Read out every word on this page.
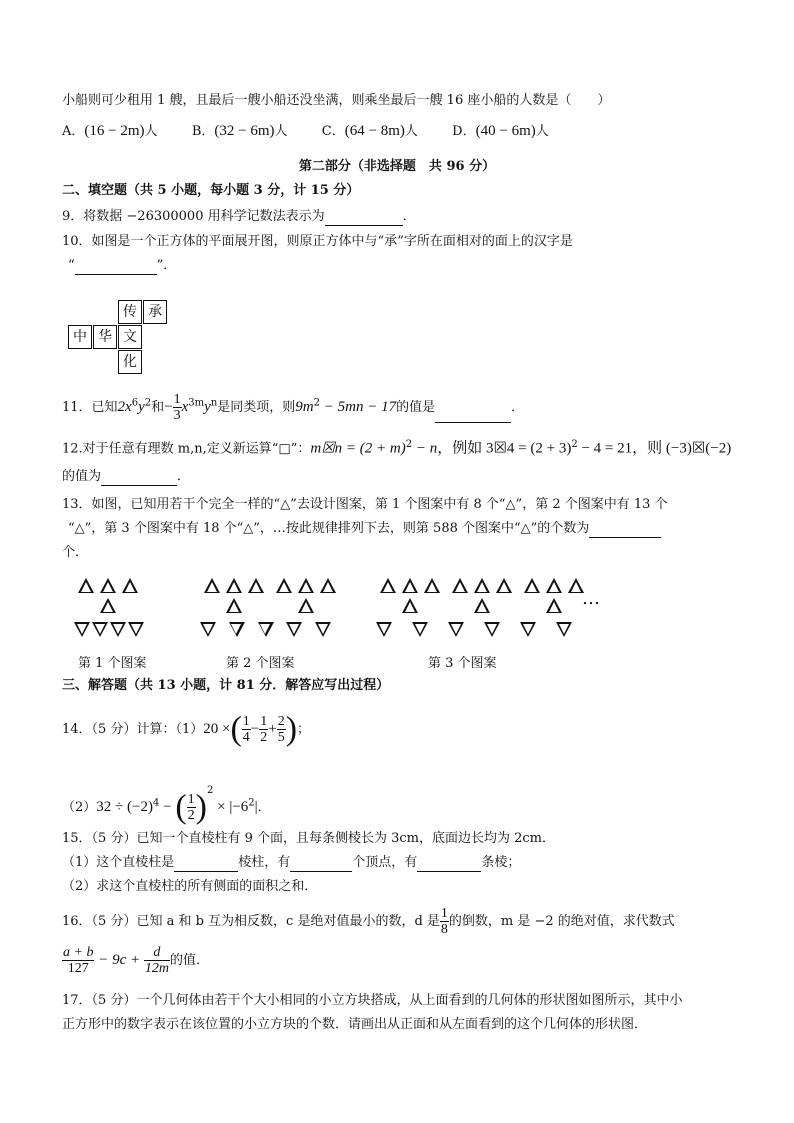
小船则可少租用 1 艘，且最后一艘小船还没坐满，则乘坐最后一艘 16 座小船的人数是（　　）
A．(16 − 2m)人	B．(32 − 6m)人	C．(64 − 8m)人	D．(40 − 6m)人
第二部分（非选择题　共 96 分）
二、填空题（共 5 小题，每小题 3 分，计 15 分）
9．将数据 −26300000 用科学记数法表示为	．
10．如图是一个正方体的平面展开图，则原正方体中与“承”字所在面相对的面上的汉字是
“	”．
传 承
中 华 文
化
11．已知$2x^6y^2$和− $\frac{1}{3} x^{3m}y^n$是同类项，则$9m^2 - 5mn - 17$的值是	．
12.对于任意有理数 m,n,定义新运算“□”：m☒n = $(2 + m)^2 - n$，例如 3☒4 = $(2 + 3)^2 - 4 = 21$，则 (−3)☒(−2)
的值为	．
13．如图，已知用若干个完全一样的“△”去设计图案，第 1 个图案中有 8 个“△”，第 2 个图案中有 13 个
“△”，第 3 个图案中有 18 个“△”，…按此规律排列下去，则第 588 个图案中“△”的个数为
个．
…
第 1 个图案	第 2 个图案	第 3 个图案
三、解答题（共 13 小题，计 81 分．解答应写出过程）
14．（5 分）计算：（1）20 ×( $\frac{1}{4} - \frac{1}{2} + \frac{2}{5}$ )；
$(2)32 \div (-2)^4$ − ( $\frac{1}{2} )^2 \times |-6^2|$．
15．（5 分）已知一个直棱柱有 9 个面，且每条侧棱长为 3cm，底面边长均为 2cm．
（1）这个直棱柱是	棱柱，有	个顶点，有	条棱；
（2）求这个直棱柱的所有侧面的面积之和．
16．（5 分）已知 a 和 b 互为相反数，c 是绝对值最小的数，d 是 $\frac{1}{8}$ 的倒数，m 是 −2 的绝对值，求代数式
$\frac{a + b}{127} - 9c + \frac{d}{12m}$ 的值．
17．（5 分）一个几何体由若干个大小相同的小立方块搭成，从上面看到的几何体的形状图如图所示，其中小
正方形中的数字表示在该位置的小立方块的个数．请画出从正面和从左面看到的这个几何体的形状图．
